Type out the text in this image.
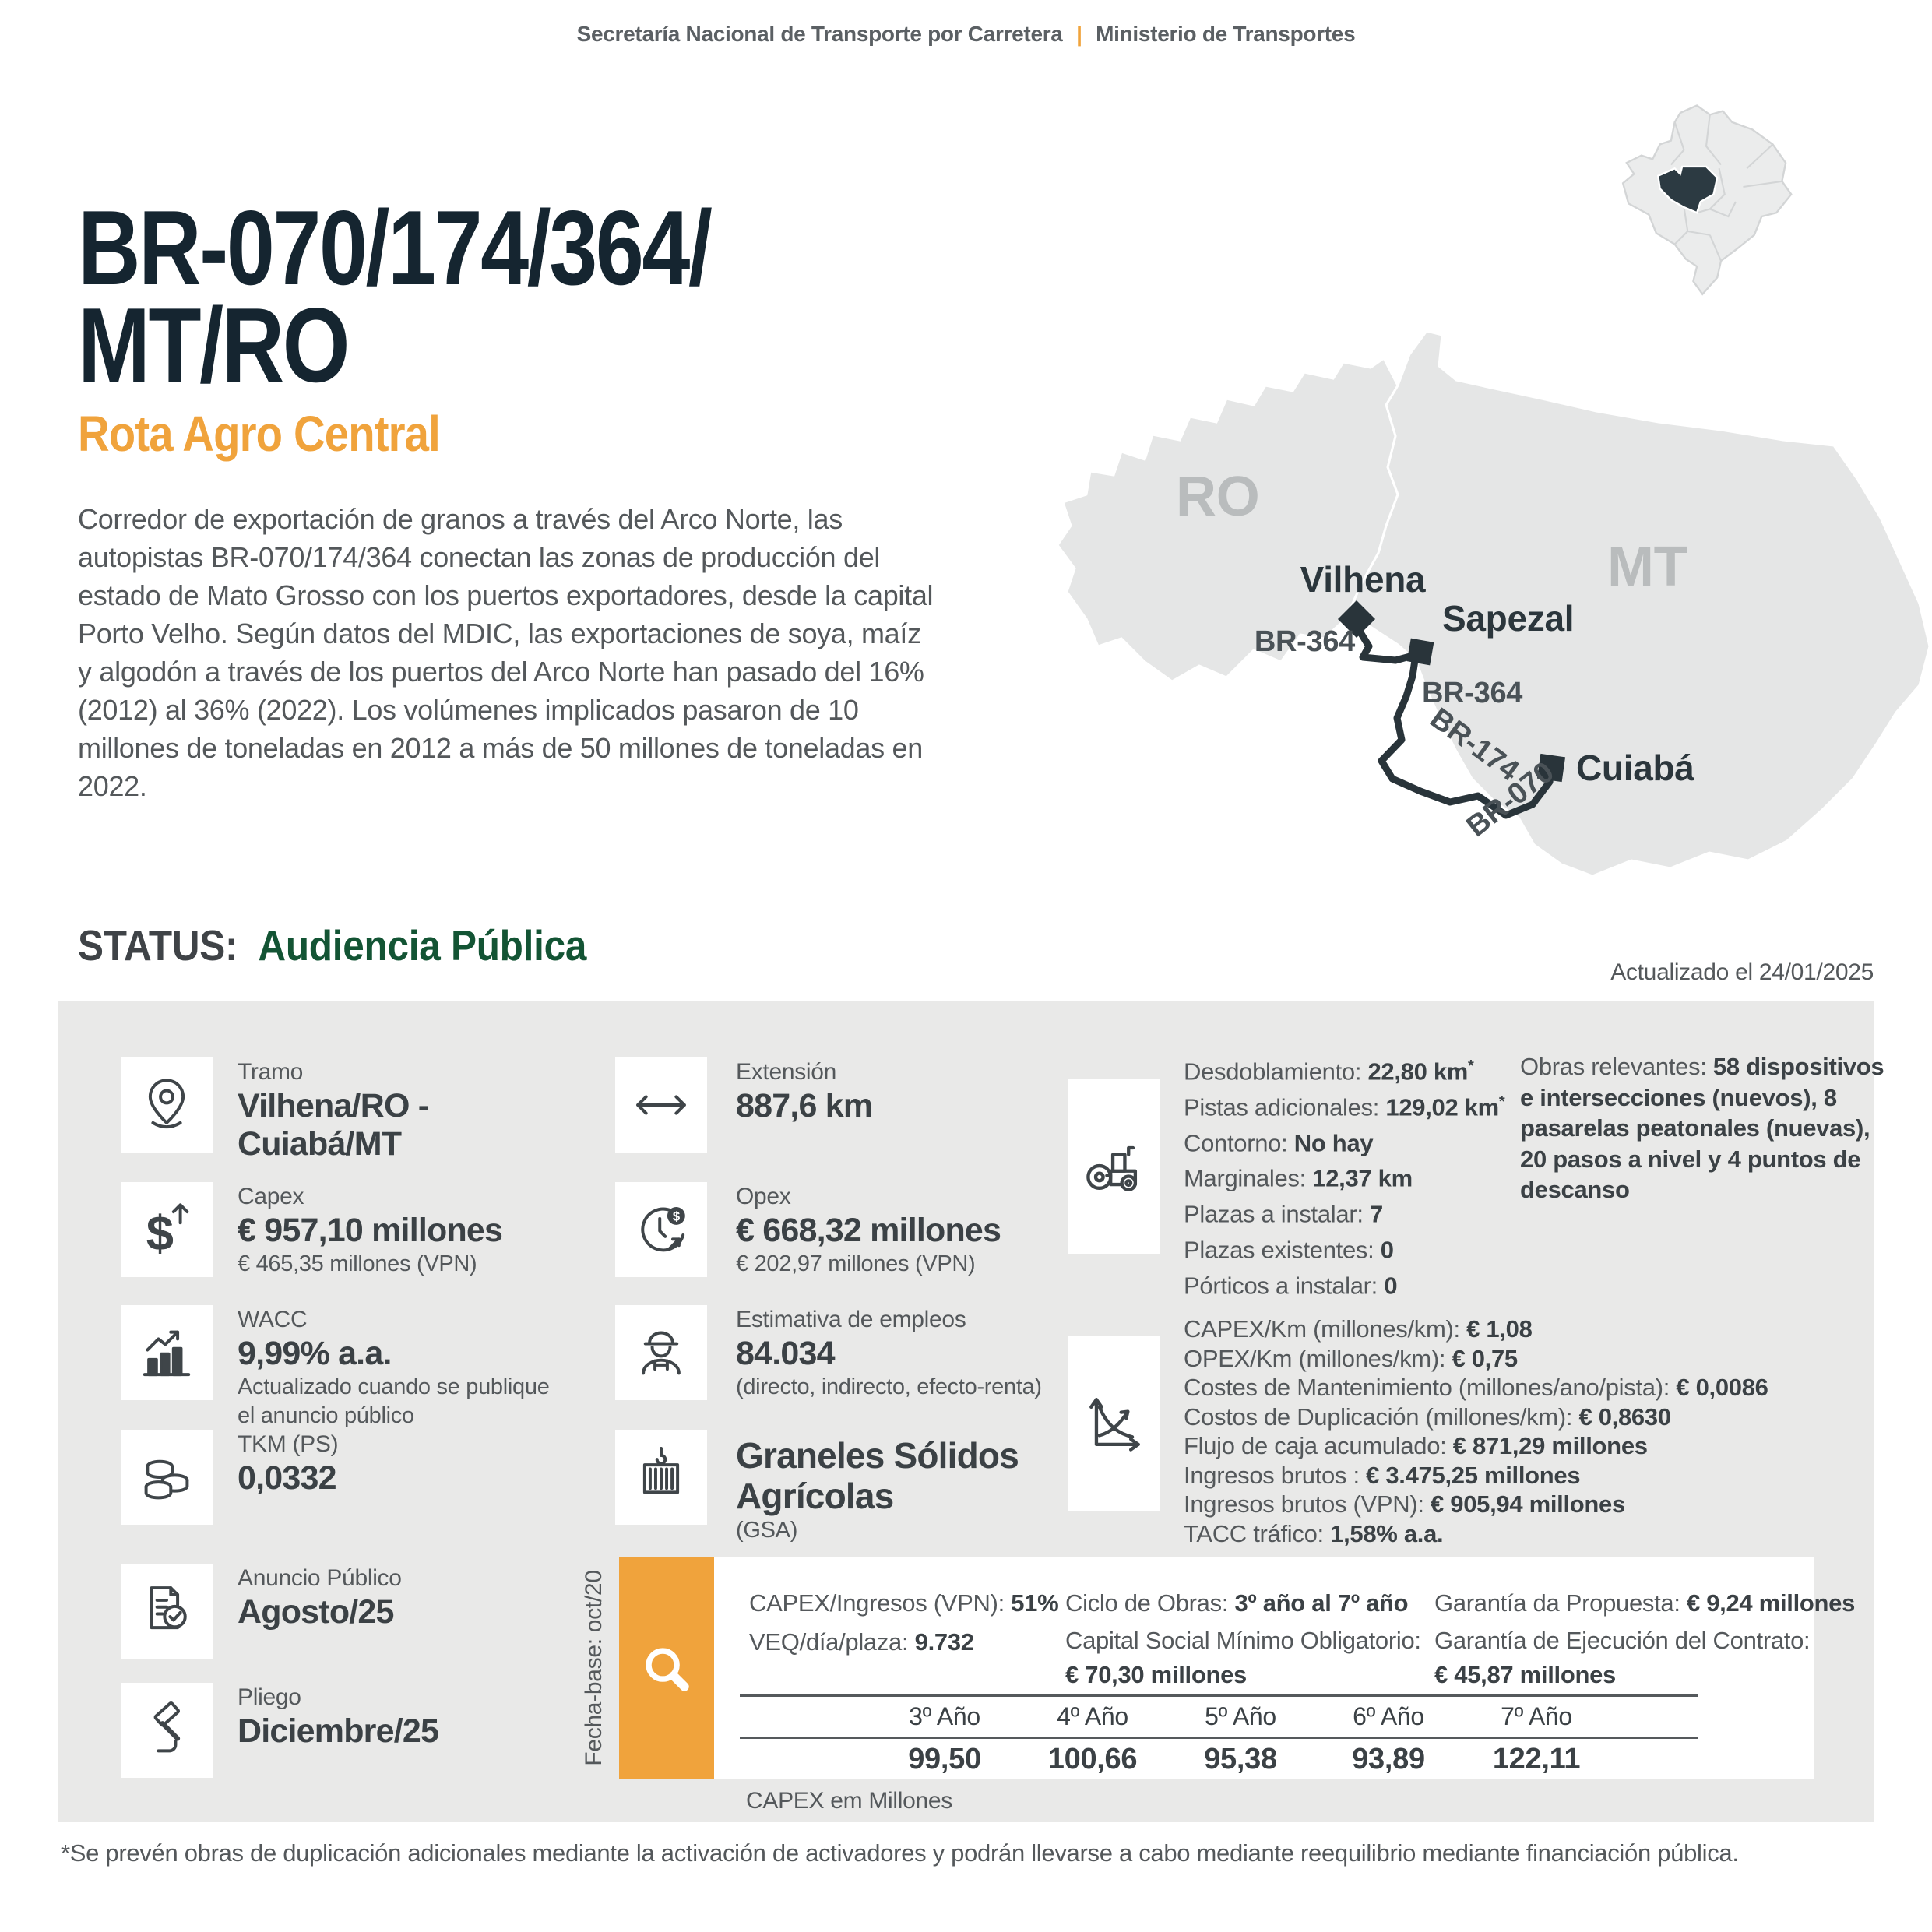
Secretaría Nacional de Transporte por Carretera | Ministerio de Transportes
BR-070/174/364/
MT/RO
Rota Agro Central
Corredor de exportación de granos a través del Arco Norte, las autopistas BR-070/174/364 conectan las zonas de producción del estado de Mato Grosso con los puertos exportadores, desde la capital Porto Velho. Según datos del MDIC, las exportaciones de soya, maíz y algodón a través de los puertos del Arco Norte han pasado del 16% (2012) al 36% (2022). Los volúmenes implicados pasaron de 10 millones de toneladas en 2012 a más de 50 millones de toneladas en 2022.
STATUS: Audiencia Pública
Actualizado el 24/01/2025
RO
MT
Vilhena
Sapezal
Cuiabá
BR-364
BR-364
BR-174
BR-070
$
Tramo
Vilhena/RO - Cuiabá/MT
Capex
€ 957,10 millones
€ 465,35 millones (VPN)
WACC
9,99% a.a.
Actualizado cuando se publique el anuncio público
TKM (PS)
0,0332
Anuncio Público
Agosto/25
Pliego
Diciembre/25
$
Extensión
887,6 km
Opex
€ 668,32 millones
€ 202,97 millones (VPN)
Estimativa de empleos
84.034
(directo, indirecto, efecto-renta)
Graneles Sólidos Agrícolas
(GSA)
Desdoblamiento: 22,80 km*
Pistas adicionales: 129,02 km*
Contorno: No hay
Marginales: 12,37 km
Plazas a instalar: 7
Plazas existentes: 0
Pórticos a instalar: 0
Obras relevantes: 58 dispositivos e intersecciones (nuevos), 8 pasarelas peatonales (nuevas), 20 pasos a nivel y 4 puntos de descanso
CAPEX/Km (millones/km): € 1,08
OPEX/Km (millones/km): € 0,75
Costes de Mantenimiento (millones/ano/pista): € 0,0086
Costos de Duplicación (millones/km): € 0,8630
Flujo de caja acumulado: € 871,29 millones
Ingresos brutos : € 3.475,25 millones
Ingresos brutos (VPN): € 905,94 millones
TACC tráfico: 1,58% a.a.
Fecha-base: oct/20	CAPEX/Ingresos (VPN): 51%
VEQ/día/plaza: 9.732
Ciclo de Obras: 3º año al 7º año
Capital Social Mínimo Obligatorio:
€ 70,30 millones
Garantía da Propuesta: € 9,24 millones
Garantía de Ejecución del Contrato:
€ 45,87 millones
3º Año	4º Año	5º Año	6º Año	7º Año
99,50	100,66	95,38	93,89	122,11
CAPEX em Millones
*Se prevén obras de duplicación adicionales mediante la activación de activadores y podrán llevarse a cabo mediante reequilibrio mediante financiación pública.
